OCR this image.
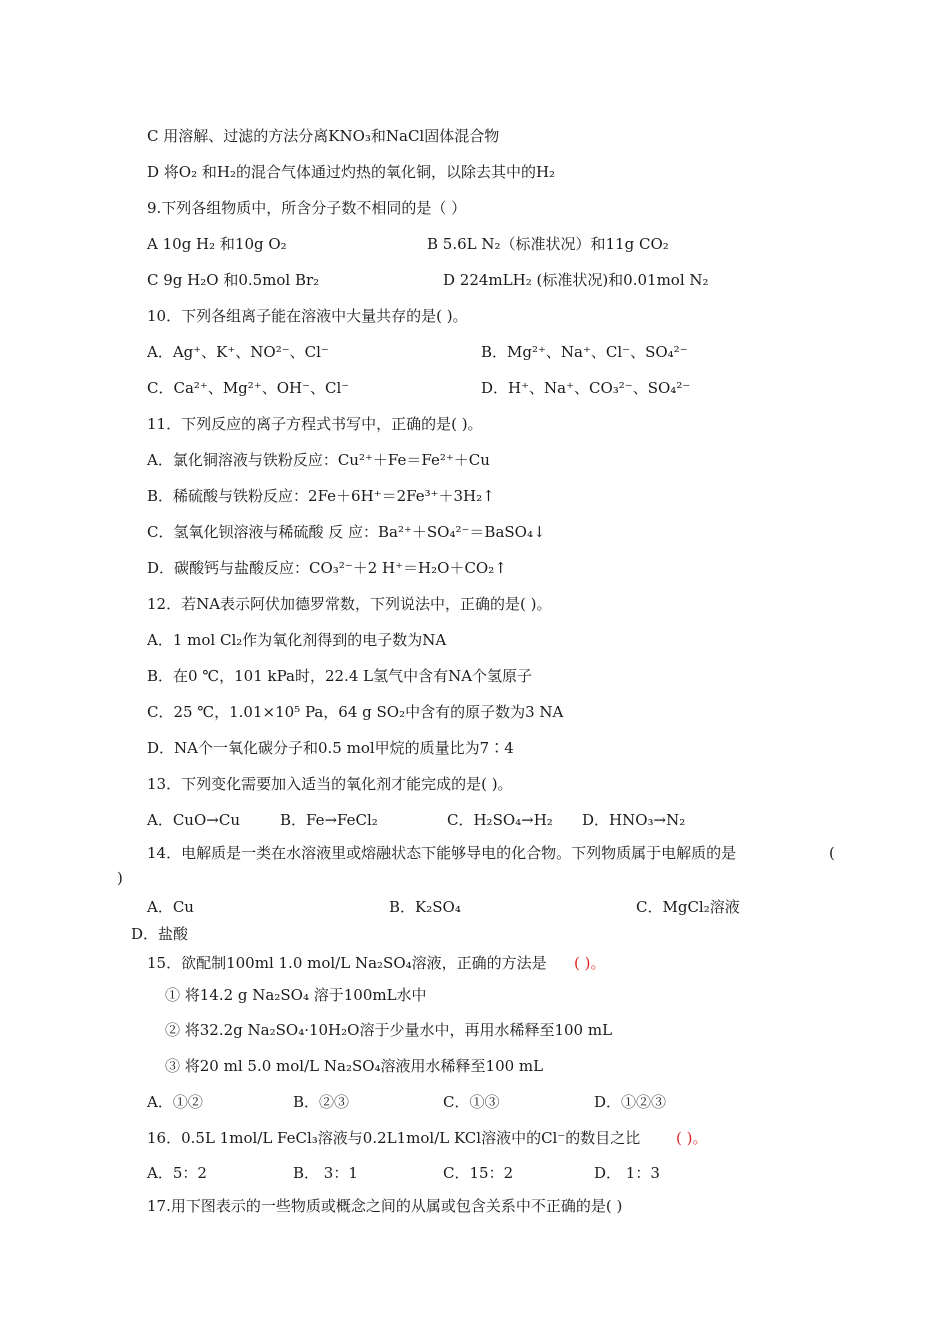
C 用溶解、过滤的方法分离KNO₃和NaCl固体混合物
D 将O₂ 和H₂的混合气体通过灼热的氧化铜，以除去其中的H₂
9.下列各组物质中，所含分子数不相同的是（ ）
A 10g H₂ 和10g O₂	B 5.6L N₂（标准状况）和11g CO₂
C 9g H₂O 和0.5mol Br₂	D 224mLH₂ (标准状况)和0.01mol N₂
10．下列各组离子能在溶液中大量共存的是( )。
A．Ag⁺、K⁺、NO²⁻、Cl⁻	B．Mg²⁺、Na⁺、Cl⁻、SO₄²⁻
C．Ca²⁺、Mg²⁺、OH⁻、Cl⁻	D．H⁺、Na⁺、CO₃²⁻、SO₄²⁻
11．下列反应的离子方程式书写中，正确的是( )。
A．氯化铜溶液与铁粉反应：Cu²⁺＋Fe＝Fe²⁺＋Cu
B．稀硫酸与铁粉反应：2Fe＋6H⁺＝2Fe³⁺＋3H₂↑
C．氢氧化钡溶液与稀硫酸 反 应：Ba²⁺＋SO₄²⁻＝BaSO₄↓
D．碳酸钙与盐酸反应：CO₃²⁻＋2 H⁺＝H₂O＋CO₂↑
12．若NA表示阿伏加德罗常数，下列说法中，正确的是( )。
A．1 mol Cl₂作为氧化剂得到的电子数为NA
B．在0 ℃，101 kPa时，22.4 L氢气中含有NA个氢原子
C．25 ℃，1.01×10⁵ Pa，64 g SO₂中含有的原子数为3 NA
D．NA个一氧化碳分子和0.5 mol甲烷的质量比为7∶4
13．下列变化需要加入适当的氧化剂才能完成的是( )。
A．CuO→Cu	B．Fe→FeCl₂	C．H₂SO₄→H₂ D．HNO₃→N₂
14．电解质是一类在水溶液里或熔融状态下能够导电的化合物。下列物质属于电解质的是	(
)
A．Cu	B．K₂SO₄	C．MgCl₂溶液
D．盐酸
15．欲配制100ml 1.0 mol/L Na₂SO₄溶液，正确的方法是 ( )。
① 将14.2 g Na₂SO₄ 溶于100mL水中
② 将32.2g Na₂SO₄·10H₂O溶于少量水中，再用水稀释至100 mL
③ 将20 ml 5.0 mol/L Na₂SO₄溶液用水稀释至100 mL
A．①②	B．②③	C．①③	D．①②③
16．0.5L 1mol/L FeCl₃溶液与0.2L1mol/L KCl溶液中的Cl⁻的数目之比 ( )。
A．5：2	B． 3：1	C．15：2	D． 1：3
17.用下图表示的一些物质或概念之间的从属或包含关系中不正确的是( )
